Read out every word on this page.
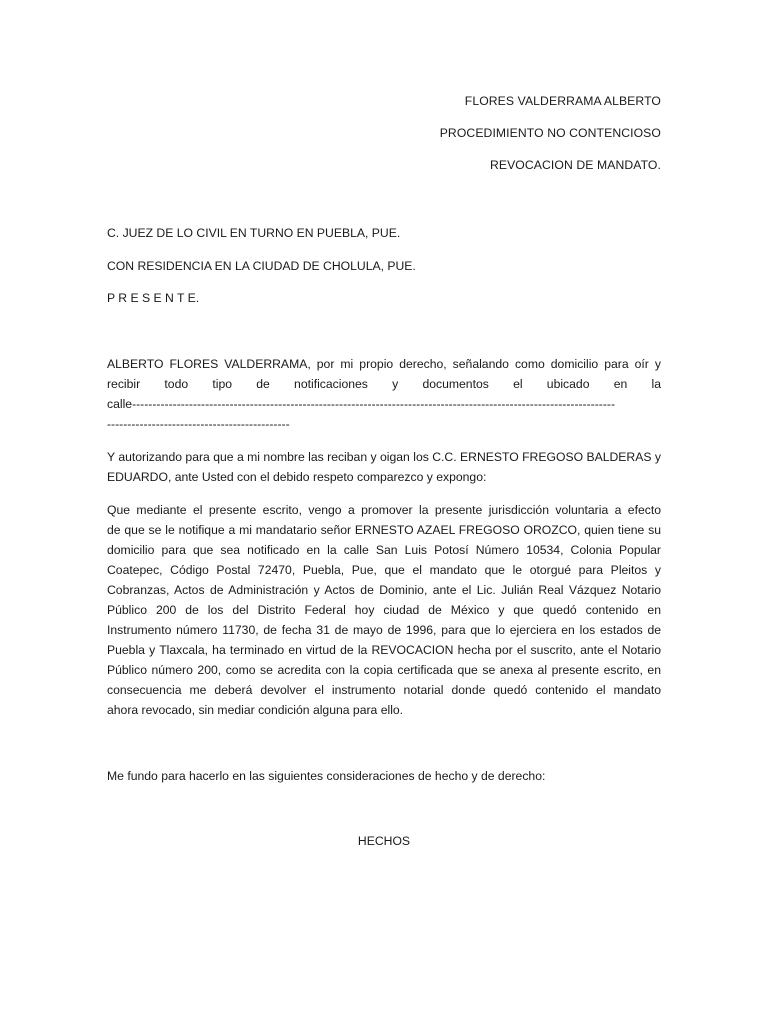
FLORES VALDERRAMA ALBERTO
PROCEDIMIENTO NO CONTENCIOSO
REVOCACION DE MANDATO.
C. JUEZ DE LO CIVIL EN TURNO EN PUEBLA, PUE.
CON RESIDENCIA EN LA CIUDAD DE CHOLULA, PUE.
P R E S E N T E.
ALBERTO FLORES VALDERRAMA, por mi propio derecho, señalando como domicilio para oír y
recibir todo tipo de notificaciones y documentos el ubicado en la
calle-----------------------------------------------------------------------------------------------------------------------
---------------------------------------------
Y autorizando para que a mi nombre las reciban y oigan los C.C. ERNESTO FREGOSO BALDERAS y
EDUARDO, ante Usted con el debido respeto comparezco y expongo:
Que mediante el presente escrito, vengo a promover la presente jurisdicción voluntaria a efecto
de que se le notifique a mi mandatario señor ERNESTO AZAEL FREGOSO OROZCO, quien tiene su
domicilio para que sea notificado en la calle San Luis Potosí Número 10534, Colonia Popular
Coatepec, Código Postal 72470, Puebla, Pue, que el mandato que le otorgué para Pleitos y
Cobranzas, Actos de Administración y Actos de Dominio, ante el Lic. Julián Real Vázquez Notario
Público 200 de los del Distrito Federal hoy ciudad de México y que quedó contenido en
Instrumento número 11730, de fecha 31 de mayo de 1996, para que lo ejerciera en los estados de
Puebla y Tlaxcala, ha terminado en virtud de la REVOCACION hecha por el suscrito, ante el Notario
Público número 200, como se acredita con la copia certificada que se anexa al presente escrito, en
consecuencia me deberá devolver el instrumento notarial donde quedó contenido el mandato
ahora revocado, sin mediar condición alguna para ello.
Me fundo para hacerlo en las siguientes consideraciones de hecho y de derecho:
HECHOS
